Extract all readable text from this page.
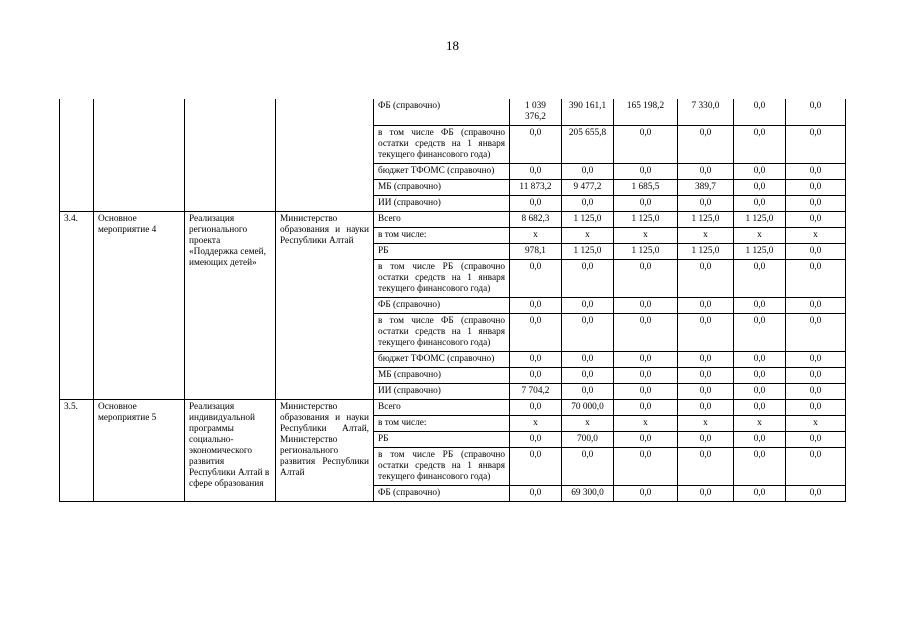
18
				ФБ (справочно)	1 039 376,2	390 161,1	165 198,2	7 330,0	0,0	0,0
				в том числе ФБ (справочно остатки средств на 1 января текущего финансового года)	0,0	205 655,8	0,0	0,0	0,0	0,0
				бюджет ТФОМС (справочно)	0,0	0,0	0,0	0,0	0,0	0,0
				МБ (справочно)	11 873,2	9 477,2	1 685,5	389,7	0,0	0,0
				ИИ (справочно)	0,0	0,0	0,0	0,0	0,0	0,0
3.4.	Основное мероприятие 4	Реализация регионального проекта «Поддержка семей, имеющих детей»	Министерство образования и науки Республики Алтай	Всего	8 682,3	1 125,0	1 125,0	1 125,0	1 125,0	0,0
				в том числе:	х	х	х	х	х	х
				РБ	978,1	1 125,0	1 125,0	1 125,0	1 125,0	0,0
				в том числе РБ (справочно остатки средств на 1 января текущего финансового года)	0,0	0,0	0,0	0,0	0,0	0,0
				ФБ (справочно)	0,0	0,0	0,0	0,0	0,0	0,0
				в том числе ФБ (справочно остатки средств на 1 января текущего финансового года)	0,0	0,0	0,0	0,0	0,0	0,0
				бюджет ТФОМС (справочно)	0,0	0,0	0,0	0,0	0,0	0,0
				МБ (справочно)	0,0	0,0	0,0	0,0	0,0	0,0
				ИИ (справочно)	7 704,2	0,0	0,0	0,0	0,0	0,0
3.5.	Основное мероприятие 5	Реализация индивидуальной программы социально-экономического развития Республики Алтай в сфере образования	Министерство образования и науки Республики Алтай, Министерство регионального развития Республики Алтай	Всего	0,0	70 000,0	0,0	0,0	0,0	0,0
				в том числе:	х	х	х	х	х	х
				РБ	0,0	700,0	0,0	0,0	0,0	0,0
				в том числе РБ (справочно остатки средств на 1 января текущего финансового года)	0,0	0,0	0,0	0,0	0,0	0,0
				ФБ (справочно)	0,0	69 300,0	0,0	0,0	0,0	0,0
